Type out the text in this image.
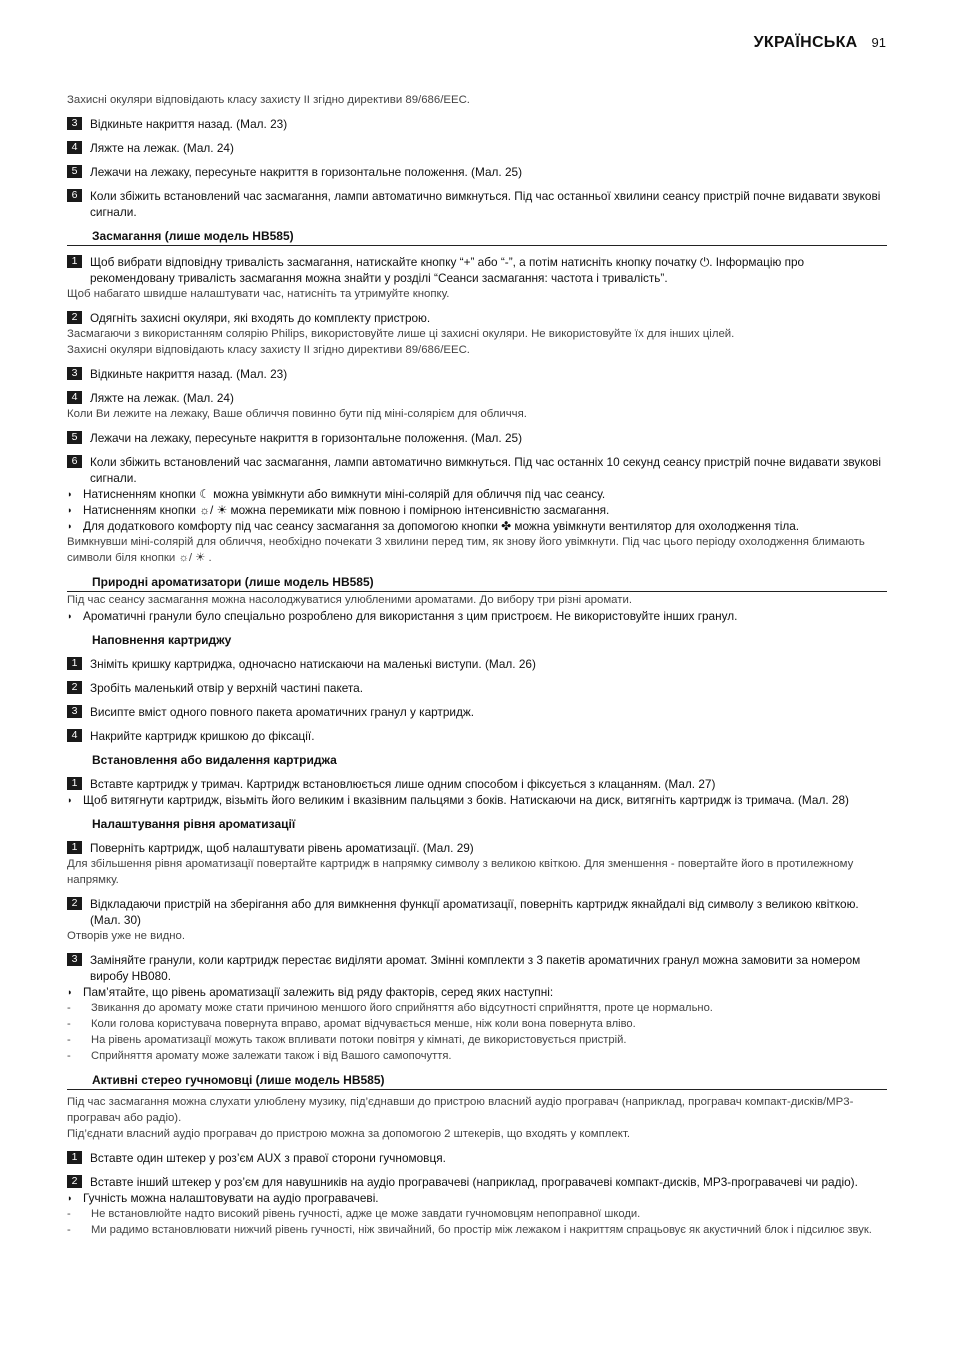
УКРАЇНСЬКА 91

Захисні окуляри відповідають класу захисту II згідно директиви 89/686/EEC.

3	Відкиньте накриття назад. (Мал. 23)
4	Ляжте на лежак. (Мал. 24)
5	Лежачи на лежаку, пересуньте накриття в горизонтальне положення. (Мал. 25)
6	Коли збіжить встановлений час засмагання, лампи автоматично вимкнуться. Під час останньої хвилини сеансу пристрій почне видавати звукові сигнали.
Засмагання (лише модель HB585)
1	Щоб вибрати відповідну тривалість засмагання, натискайте кнопку “+” або “-”, а потім натисніть кнопку початку ⏻. Інформацію про рекомендовану тривалість засмагання можна знайти у розділі “Сеанси засмагання: частота і тривалість”.

Щоб набагато швидше налаштувати час, натисніть та утримуйте кнопку.

2	Одягніть захисні окуляри, які входять до комплекту пристрою.

Засмагаючи з використанням солярію Philips, використовуйте лише ці захисні окуляри. Не використовуйте їх для інших цілей.

Захисні окуляри відповідають класу захисту II згідно директиви 89/686/EEC.

3	Відкиньте накриття назад. (Мал. 23)
4	Ляжте на лежак. (Мал. 24)

Коли Ви лежите на лежаку, Ваше обличчя повинно бути під міні-солярієм для обличчя.

5	Лежачи на лежаку, пересуньте накриття в горизонтальне положення. (Мал. 25)
6	Коли збіжить встановлений час засмагання, лампи автоматично вимкнуться. Під час останніх 10 секунд сеансу пристрій почне видавати звукові сигнали.
◗ Натисненням кнопки ☾ можна увімкнути або вимкнути міні-солярій для обличчя під час сеансу.
◗ Натисненням кнопки ☼/ ☀ можна перемикати між повною і помірною інтенсивністю засмагання.
◗ Для додаткового комфорту під час сеансу засмагання за допомогою кнопки ✤ можна увімкнути вентилятор для охолодження тіла.

Вимкнувши міні-солярій для обличчя, необхідно почекати 3 хвилини перед тим, як знову його увімкнути. Під час цього періоду охолодження блимають символи біля кнопки ☼/ ☀ .

Природні ароматизатори (лише модель HB585)

Під час сеансу засмагання можна насолоджуватися улюбленими ароматами. До вибору три різні аромати.

◗ Ароматичні гранули було спеціально розроблено для використання з цим пристроєм. Не використовуйте інших гранул.
Наповнення картриджу
1	Зніміть кришку картриджа, одночасно натискаючи на маленькі виступи. (Мал. 26)
2	Зробіть маленький отвір у верхній частині пакета.
3	Висипте вміст одного повного пакета ароматичних гранул у картридж.
4	Накрийте картридж кришкою до фіксації.
Встановлення або видалення картриджа
1	Вставте картридж у тримач. Картридж встановлюється лише одним способом і фіксується з клацанням. (Мал. 27)
◗ Щоб витягнути картридж, візьміть його великим і вказівним пальцями з боків. Натискаючи на диск, витягніть картридж із тримача. (Мал. 28)
Налаштування рівня ароматизації
1	Поверніть картридж, щоб налаштувати рівень ароматизації. (Мал. 29)

Для збільшення рівня ароматизації повертайте картридж в напрямку символу з великою квіткою. Для зменшення - повертайте його в протилежному напрямку.

2	Відкладаючи пристрій на зберігання або для вимкнення функції ароматизації, поверніть картридж якнайдалі від символу з великою квіткою. (Мал. 30)

Отворів уже не видно.

3	Заміняйте гранули, коли картридж перестає виділяти аромат. Змінні комплекти з 3 пакетів ароматичних гранул можна замовити за номером виробу HB080.
◗ Пам’ятайте, що рівень ароматизації залежить від ряду факторів, серед яких наступні:
-	Звикання до аромату може стати причиною меншого його сприйняття або відсутності сприйняття, проте це нормально.
-	Коли голова користувача повернута вправо, аромат відчувається менше, ніж коли вона повернута вліво.
-	На рівень ароматизації можуть також впливати потоки повітря у кімнаті, де використовується пристрій.
-	Сприйняття аромату може залежати також і від Вашого самопочуття.
Активні стерео гучномовці (лише модель HB585)

Під час засмагання можна слухати улюблену музику, під’єднавши до пристрою власний аудіо програвач (наприклад, програвач компакт-дисків/MP3-програвач або радіо).

Під’єднати власний аудіо програвач до пристрою можна за допомогою 2 штекерів, що входять у комплект.

1	Вставте один штекер у роз’єм AUX з правої сторони гучномовця.
2	Вставте інший штекер у роз’єм для навушників на аудіо програвачеві (наприклад, програвачеві компакт-дисків, MP3-програвачеві чи радіо).
◗ Гучність можна налаштовувати на аудіо програвачеві.
-	Не встановлюйте надто високий рівень гучності, адже це може завдати гучномовцям непоправної шкоди.
-	Ми радимо встановлювати нижчий рівень гучності, ніж звичайний, бо простір між лежаком і накриттям спрацьовує як акустичний блок і підсилює звук.
